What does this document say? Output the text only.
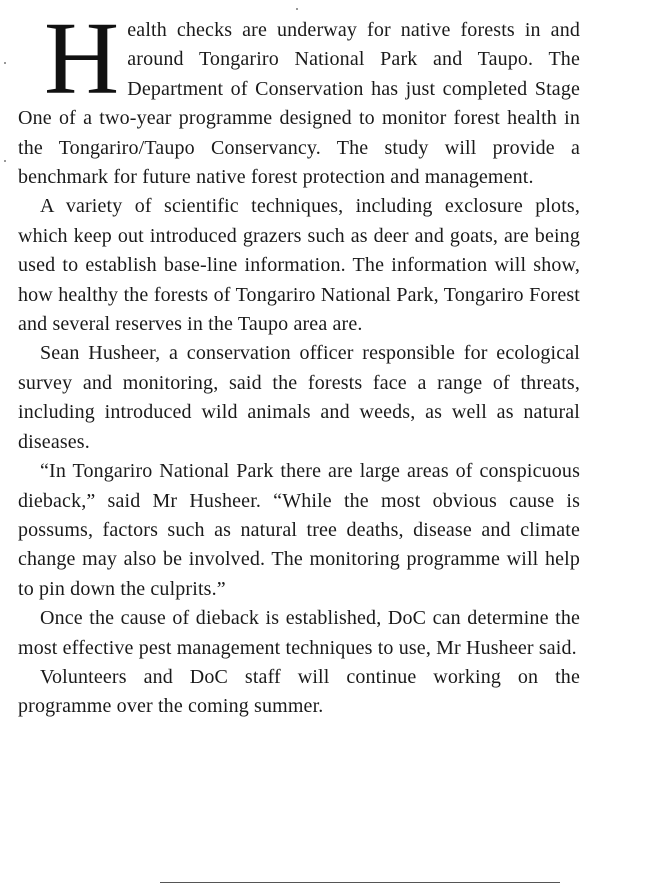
H ealth checks are underway for native forests in and around Tongariro National Park and Taupo. The Department of Conservation has just completed Stage One of a two-year programme designed to monitor forest health in the Tongariro/Taupo Conservancy. The study will provide a benchmark for future native forest protection and management.

A variety of scientific techniques, including exclosure plots, which keep out introduced grazers such as deer and goats, are being used to establish base-line information. The information will show, how healthy the forests of Tongariro National Park, Tongariro Forest and several reserves in the Taupo area are.

Sean Husheer, a conservation officer responsible for ecological survey and monitoring, said the forests face a range of threats, including introduced wild animals and weeds, as well as natural diseases.

“In Tongariro National Park there are large areas of conspicuous dieback,” said Mr Husheer. “While the most obvious cause is possums, factors such as natural tree deaths, disease and climate change may also be involved. The monitoring programme will help to pin down the culprits.”

Once the cause of dieback is established, DoC can determine the most effective pest management techniques to use, Mr Husheer said.

Volunteers and DoC staff will continue working on the programme over the coming summer.
